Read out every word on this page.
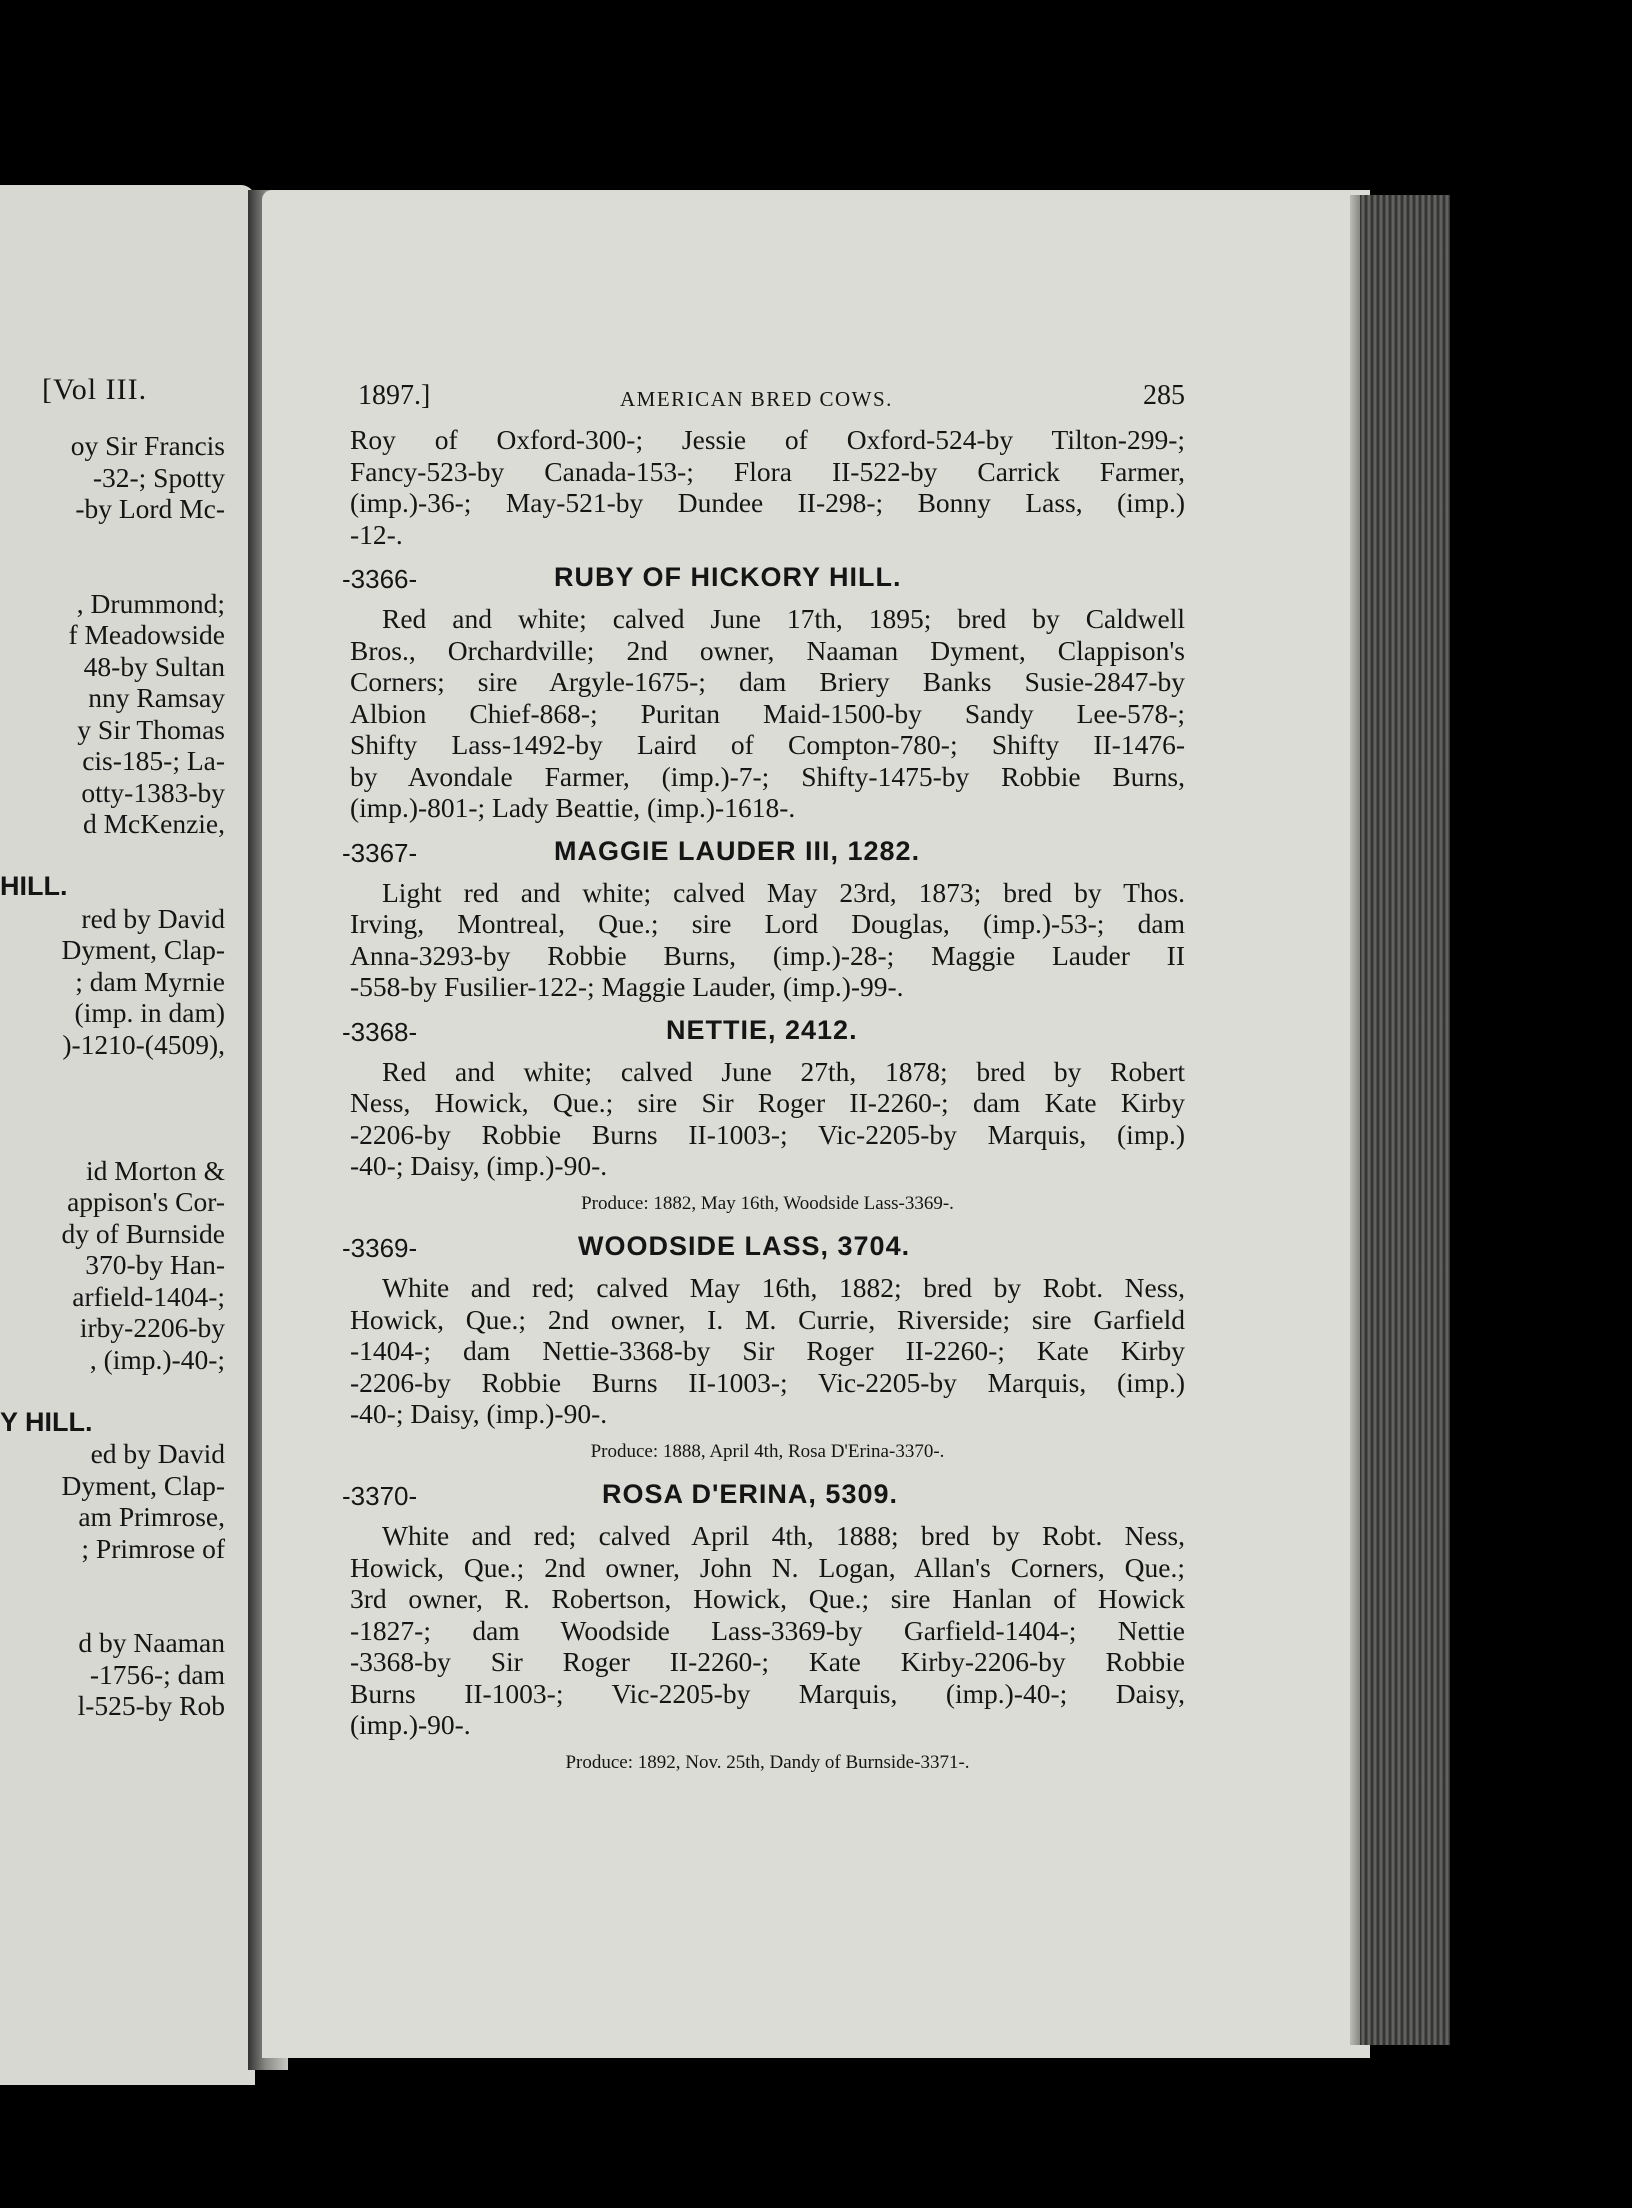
[Vol III.
oy Sir Francis
-32-; Spotty
-by Lord Mc-
, Drummond;
f Meadowside
48-by Sultan
nny Ramsay
y Sir Thomas
cis-185-; La-
otty-1383-by
d McKenzie,
HILL.
red by David
Dyment, Clap-
; dam Myrnie
(imp. in dam)
)-1210-(4509),
id Morton &
appison's Cor-
dy of Burnside
370-by Han-
arfield-1404-;
irby-2206-by
, (imp.)-40-;
Y HILL.
ed by David
Dyment, Clap-
am Primrose,
; Primrose of
d by Naaman
-1756-; dam
l-525-by Rob
1897.]	AMERICAN BRED COWS.	285

Roy of Oxford-300-; Jessie of Oxford-524-by Tilton-299-;
Fancy-523-by Canada-153-; Flora II-522-by Carrick Farmer,
(imp.)-36-; May-521-by Dundee II-298-; Bonny Lass, (imp.)
-12-.

-3366-	RUBY OF HICKORY HILL.

Red and white; calved June 17th, 1895; bred by Caldwell
Bros., Orchardville; 2nd owner, Naaman Dyment, Clappison's
Corners; sire Argyle-1675-; dam Briery Banks Susie-2847-by
Albion Chief-868-; Puritan Maid-1500-by Sandy Lee-578-;
Shifty Lass-1492-by Laird of Compton-780-; Shifty II-1476-
by Avondale Farmer, (imp.)-7-; Shifty-1475-by Robbie Burns,
(imp.)-801-; Lady Beattie, (imp.)-1618-.

-3367-	MAGGIE LAUDER III, 1282.

Light red and white; calved May 23rd, 1873; bred by Thos.
Irving, Montreal, Que.; sire Lord Douglas, (imp.)-53-; dam
Anna-3293-by Robbie Burns, (imp.)-28-; Maggie Lauder II
-558-by Fusilier-122-; Maggie Lauder, (imp.)-99-.

-3368-	NETTIE, 2412.

Red and white; calved June 27th, 1878; bred by Robert
Ness, Howick, Que.; sire Sir Roger II-2260-; dam Kate Kirby
-2206-by Robbie Burns II-1003-; Vic-2205-by Marquis, (imp.)
-40-; Daisy, (imp.)-90-.

Produce: 1882, May 16th, Woodside Lass-3369-.
-3369-	WOODSIDE LASS, 3704.

White and red; calved May 16th, 1882; bred by Robt. Ness,
Howick, Que.; 2nd owner, I. M. Currie, Riverside; sire Garfield
-1404-; dam Nettie-3368-by Sir Roger II-2260-; Kate Kirby
-2206-by Robbie Burns II-1003-; Vic-2205-by Marquis, (imp.)
-40-; Daisy, (imp.)-90-.

Produce: 1888, April 4th, Rosa D'Erina-3370-.
-3370-	ROSA D'ERINA, 5309.

White and red; calved April 4th, 1888; bred by Robt. Ness,
Howick, Que.; 2nd owner, John N. Logan, Allan's Corners, Que.;
3rd owner, R. Robertson, Howick, Que.; sire Hanlan of Howick
-1827-; dam Woodside Lass-3369-by Garfield-1404-; Nettie
-3368-by Sir Roger II-2260-; Kate Kirby-2206-by Robbie
Burns II-1003-; Vic-2205-by Marquis, (imp.)-40-; Daisy,
(imp.)-90-.

Produce: 1892, Nov. 25th, Dandy of Burnside-3371-.
